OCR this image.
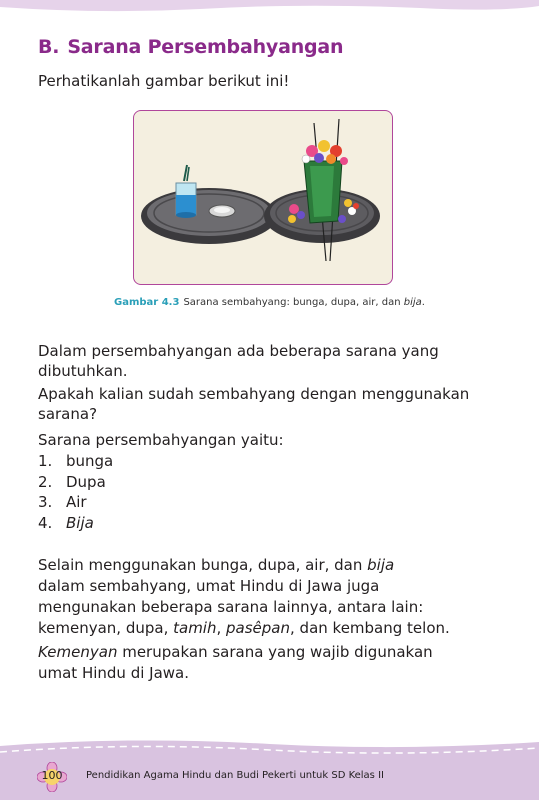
B. Sarana Persembahyangan

Perhatikanlah gambar berikut ini!

Gambar 4.3 Sarana sembahyang: bunga, dupa, air, dan bija.

Dalam persembahyangan ada beberapa sarana yang dibutuhkan.

Apakah kalian sudah sembahyang dengan menggunakan sarana?

Sarana persembahyangan yaitu:

1. bunga
2. Dupa
3. Air
4. Bija
Selain menggunakan bunga, dupa, air, dan bija
dalam sembahyang, umat Hindu di Jawa juga
mengunakan beberapa sarana lainnya, antara lain:
kemenyan, dupa, tamih, pasêpan, dan kembang telon.
Kemenyan merupakan sarana yang wajib digunakan
umat Hindu di Jawa.
100	Pendidikan Agama Hindu dan Budi Pekerti untuk SD Kelas II
